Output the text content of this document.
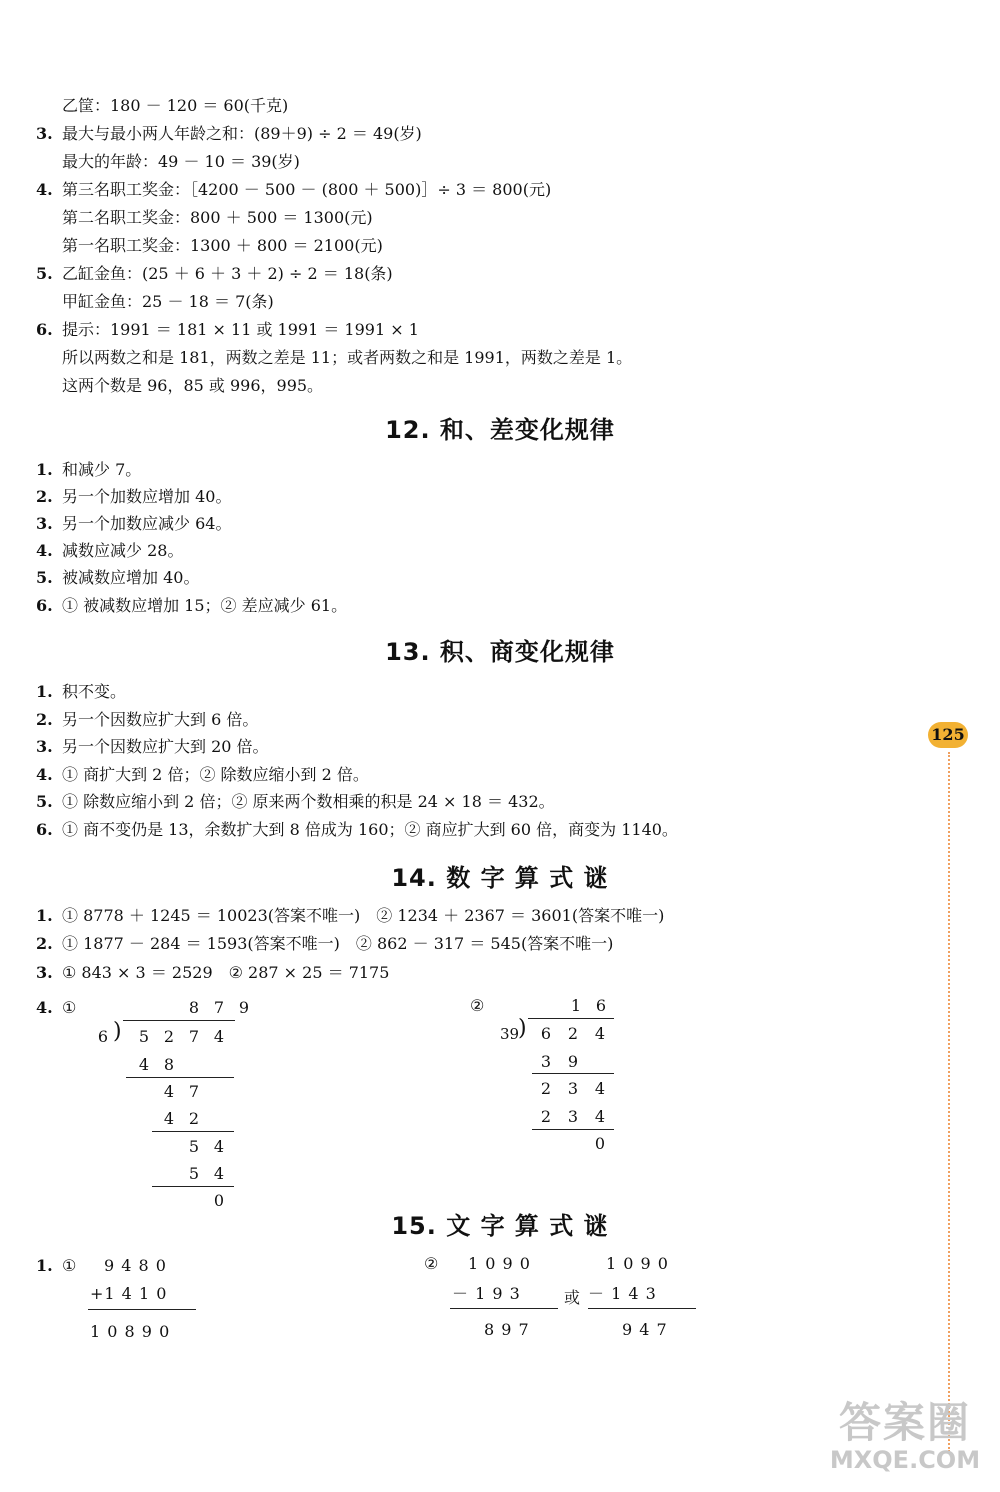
乙筐：180 － 120 ＝ 60(千克)
3. 最大与最小两人年龄之和：(89＋9) ÷ 2 ＝ 49(岁)
最大的年龄：49 － 10 ＝ 39(岁)
4. 第三名职工奖金：［4200 － 500 － (800 ＋ 500)］÷ 3 ＝ 800(元)
第二名职工奖金：800 ＋ 500 ＝ 1300(元)
第一名职工奖金：1300 ＋ 800 ＝ 2100(元)
5. 乙缸金鱼：(25 ＋ 6 ＋ 3 ＋ 2) ÷ 2 ＝ 18(条)
甲缸金鱼：25 － 18 ＝ 7(条)
6. 提示：1991 ＝ 181 × 11 或 1991 ＝ 1991 × 1
所以两数之和是 181，两数之差是 11；或者两数之和是 1991，两数之差是 1。
这两个数是 96，85 或 996，995。
12. 和、差变化规律
1. 和减少 7。
2. 另一个加数应增加 40。
3. 另一个加数应减少 64。
4. 减数应减少 28。
5. 被减数应增加 40。
6. ① 被减数应增加 15；② 差应减少 61。
13. 积、商变化规律
1. 积不变。
2. 另一个因数应扩大到 6 倍。
3. 另一个因数应扩大到 20 倍。
4. ① 商扩大到 2 倍；② 除数应缩小到 2 倍。
5. ① 除数应缩小到 2 倍；② 原来两个数相乘的积是 24 × 18 ＝ 432。
6. ① 商不变仍是 13，余数扩大到 8 倍成为 160；② 商应扩大到 60 倍，商变为 1140。
14. 数 字 算 式 谜
1. ① 8778 ＋ 1245 ＝ 10023(答案不唯一)　② 1234 ＋ 2367 ＝ 3601(答案不唯一)
2. ① 1877 － 284 ＝ 1593(答案不唯一)　② 862 － 317 ＝ 545(答案不唯一)
3. ① 843 × 3 ＝ 2529　② 287 × 25 ＝ 7175
4. ①	8 7 9
6 )	5 2 7 4
4 8
4 7
4 2
5 4
5 4
0
②	1 6
39
) 6	2	4
3	9
2	3	4
2	3	4
0
15. 文 字 算 式 谜
1. ① 9 4 8 0
+1 4 1 0
1 0 8 9 0
② 1 0 9 0
－ 1 9 3
8 9 7
或
1 0 9 0
－ 1 4 3
9 4 7
125
答案圈
MXQE.COM
